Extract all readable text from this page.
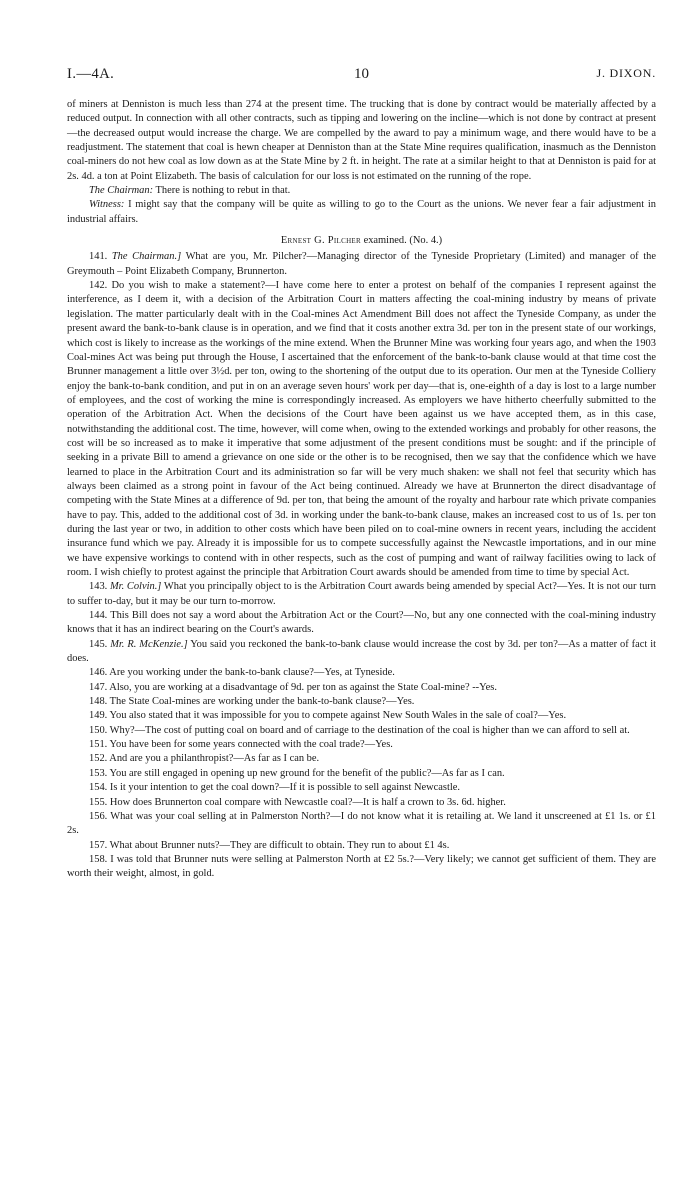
10
I.—4A.	J. DIXON.

of miners at Denniston is much less than 274 at the present time. The trucking that is done by contract would be materially affected by a reduced output. In connection with all other contracts, such as tipping and lowering on the incline—which is not done by contract at present—the decreased output would increase the charge. We are compelled by the award to pay a minimum wage, and there would have to be a readjustment. The statement that coal is hewn cheaper at Denniston than at the State Mine requires qualification, inasmuch as the Denniston coal-miners do not hew coal as low down as at the State Mine by 2 ft. in height. The rate at a similar height to that at Denniston is paid for at 2s. 4d. a ton at Point Elizabeth. The basis of calculation for our loss is not estimated on the running of the rope.

The Chairman: There is nothing to rebut in that.

Witness: I might say that the company will be quite as willing to go to the Court as the unions. We never fear a fair adjustment in industrial affairs.

Ernest G. Pilcher examined. (No. 4.)

141. The Chairman.] What are you, Mr. Pilcher?—Managing director of the Tyneside Proprietary (Limited) and manager of the Greymouth – Point Elizabeth Company, Brunnerton.

142. Do you wish to make a statement?—I have come here to enter a protest on behalf of the companies I represent against the interference, as I deem it, with a decision of the Arbitration Court in matters affecting the coal-mining industry by means of private legislation. The matter particularly dealt with in the Coal-mines Act Amendment Bill does not affect the Tyneside Company, as under the present award the bank-to-bank clause is in operation, and we find that it costs another extra 3d. per ton in the present state of our workings, which cost is likely to increase as the workings of the mine extend. When the Brunner Mine was working four years ago, and when the 1903 Coal-mines Act was being put through the House, I ascertained that the enforcement of the bank-to-bank clause would at that time cost the Brunner management a little over 3½d. per ton, owing to the shortening of the output due to its operation. Our men at the Tyneside Colliery enjoy the bank-to-bank condition, and put in on an average seven hours' work per day—that is, one-eighth of a day is lost to a large number of employees, and the cost of working the mine is correspondingly increased. As employers we have hitherto cheerfully submitted to the operation of the Arbitration Act. When the decisions of the Court have been against us we have accepted them, as in this case, notwithstanding the additional cost. The time, however, will come when, owing to the extended workings and probably for other reasons, the cost will be so increased as to make it imperative that some adjustment of the present conditions must be sought: and if the principle of seeking in a private Bill to amend a grievance on one side or the other is to be recognised, then we say that the confidence which we have learned to place in the Arbitration Court and its administration so far will be very much shaken: we shall not feel that security which has always been claimed as a strong point in favour of the Act being continued. Already we have at Brunnerton the direct disadvantage of competing with the State Mines at a difference of 9d. per ton, that being the amount of the royalty and harbour rate which private companies have to pay. This, added to the additional cost of 3d. in working under the bank-to-bank clause, makes an increased cost to us of 1s. per ton during the last year or two, in addition to other costs which have been piled on to coal-mine owners in recent years, including the accident insurance fund which we pay. Already it is impossible for us to compete successfully against the Newcastle importations, and in our mine we have expensive workings to contend with in other respects, such as the cost of pumping and want of railway facilities owing to lack of room. I wish chiefly to protest against the principle that Arbitration Court awards should be amended from time to time by special Act.

143. Mr. Colvin.] What you principally object to is the Arbitration Court awards being amended by special Act?—Yes. It is not our turn to suffer to-day, but it may be our turn to-morrow.

144. This Bill does not say a word about the Arbitration Act or the Court?—No, but any one connected with the coal-mining industry knows that it has an indirect bearing on the Court's awards.

145. Mr. R. McKenzie.] You said you reckoned the bank-to-bank clause would increase the cost by 3d. per ton?—As a matter of fact it does.

146. Are you working under the bank-to-bank clause?—Yes, at Tyneside.

147. Also, you are working at a disadvantage of 9d. per ton as against the State Coal-mine? --Yes.

148. The State Coal-mines are working under the bank-to-bank clause?—Yes.

149. You also stated that it was impossible for you to compete against New South Wales in the sale of coal?—Yes.

150. Why?—The cost of putting coal on board and of carriage to the destination of the coal is higher than we can afford to sell at.

151. You have been for some years connected with the coal trade?—Yes.

152. And are you a philanthropist?—As far as I can be.

153. You are still engaged in opening up new ground for the benefit of the public?—As far as I can.

154. Is it your intention to get the coal down?—If it is possible to sell against Newcastle.

155. How does Brunnerton coal compare with Newcastle coal?—It is half a crown to 3s. 6d. higher.

156. What was your coal selling at in Palmerston North?—I do not know what it is retailing at. We land it unscreened at £1 1s. or £1 2s.

157. What about Brunner nuts?—They are difficult to obtain. They run to about £1 4s.

158. I was told that Brunner nuts were selling at Palmerston North at £2 5s.?—Very likely; we cannot get sufficient of them. They are worth their weight, almost, in gold.
